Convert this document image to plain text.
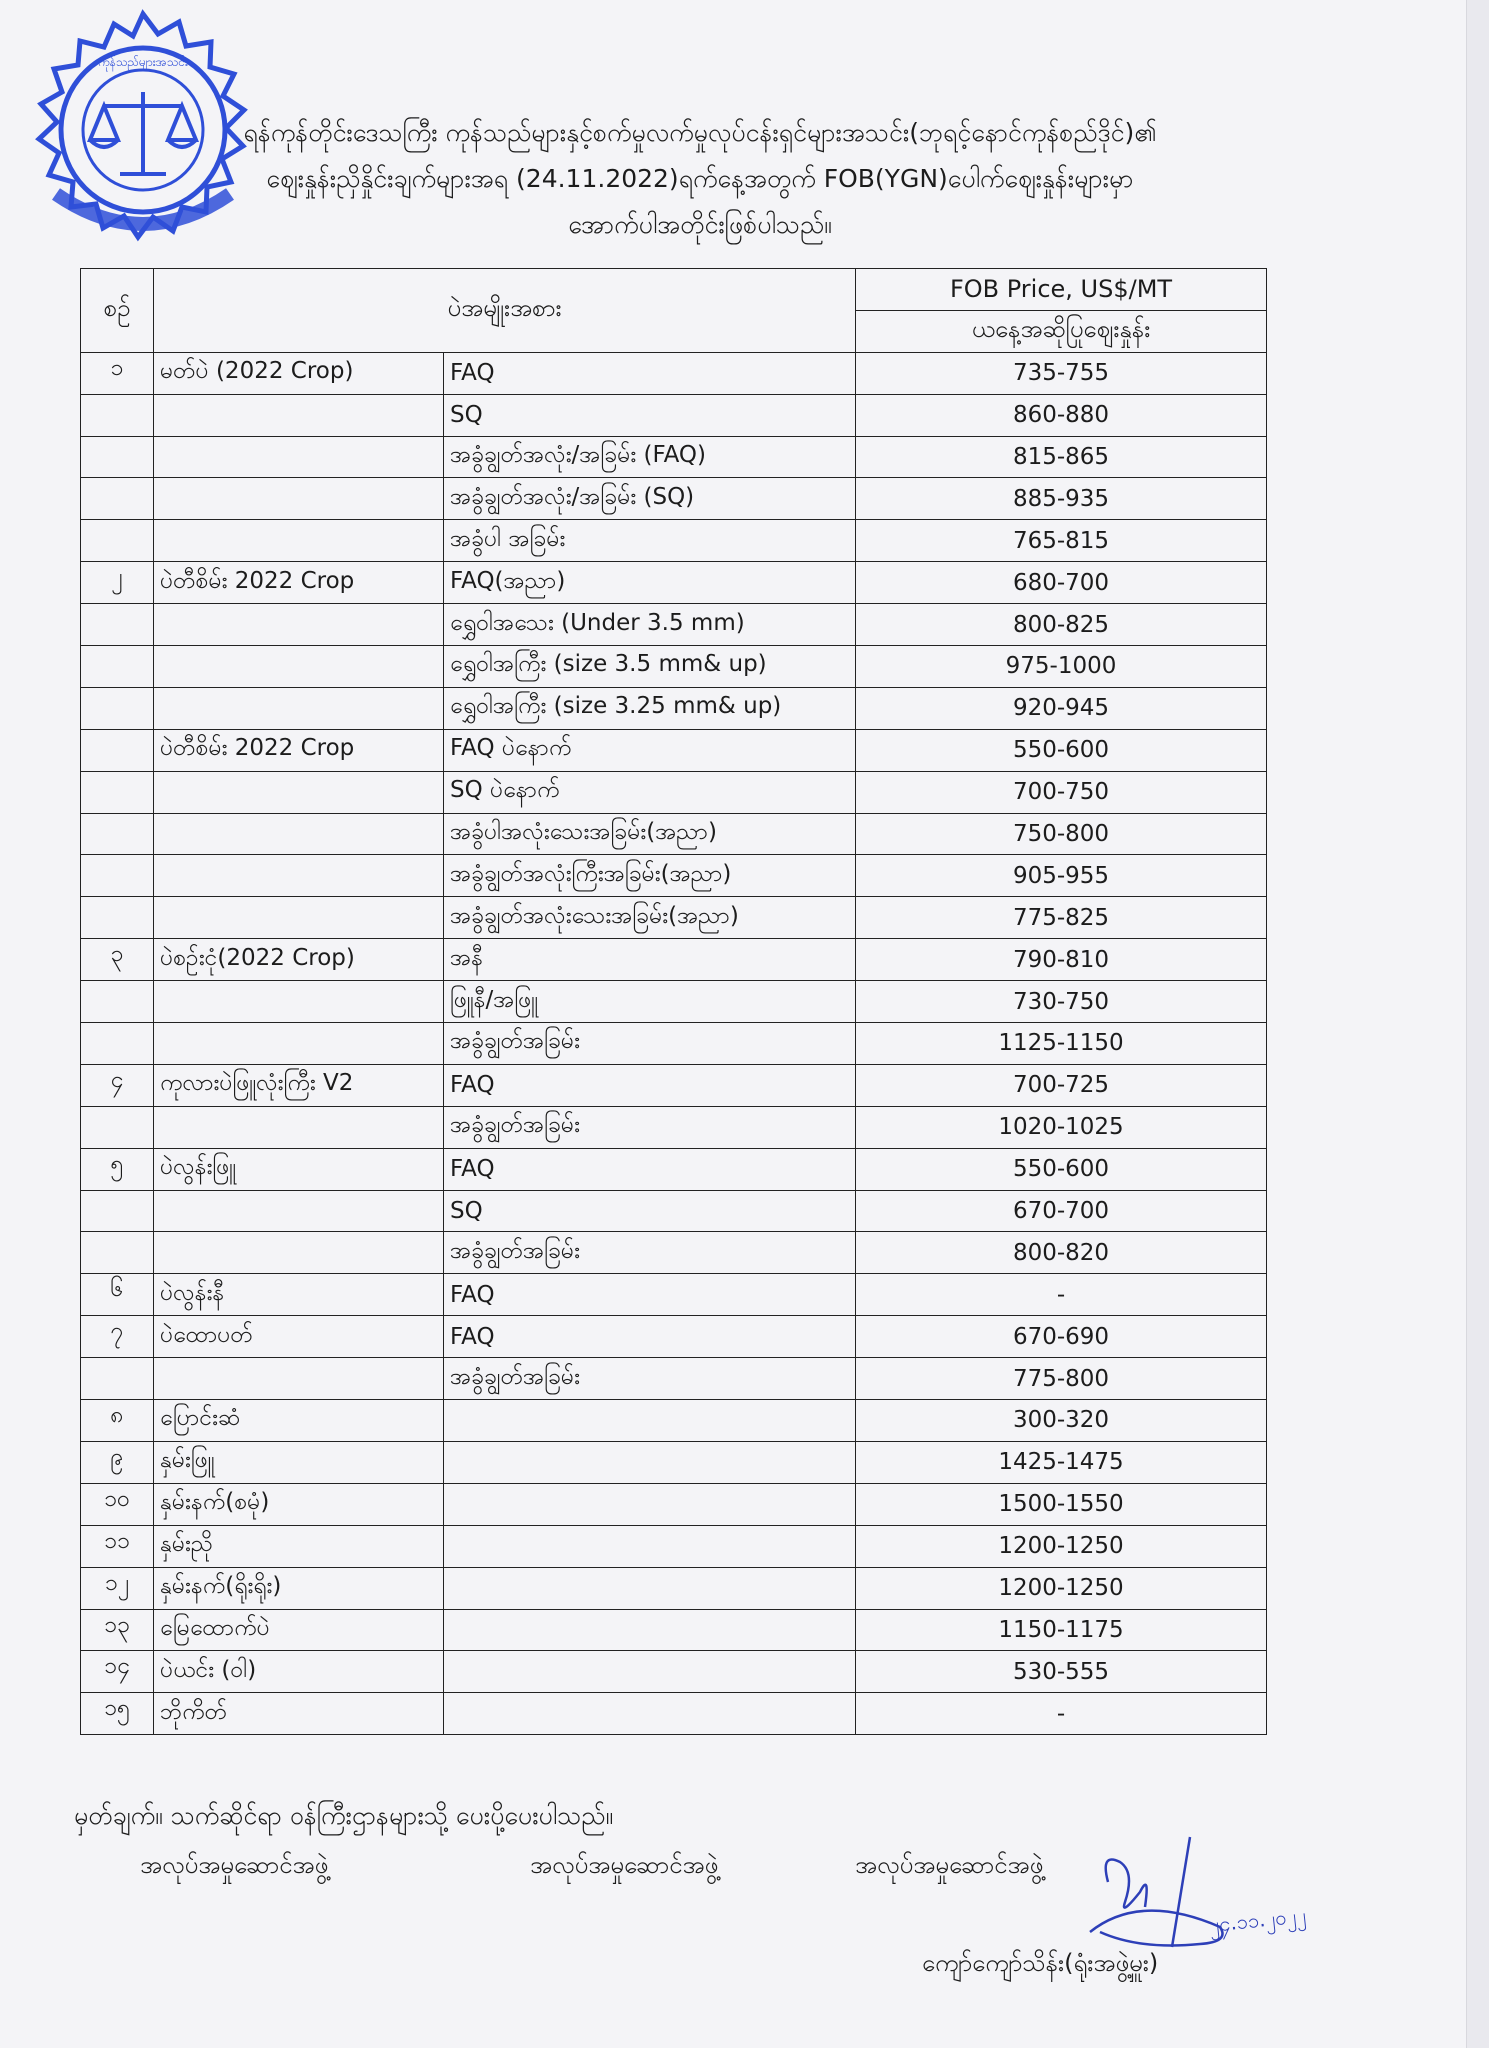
ကုန်သည်များအသင်း
ရန်ကုန်တိုင်းဒေသကြီး ကုန်သည်များနှင့်စက်မှုလက်မှုလုပ်ငန်းရှင်များအသင်း(ဘုရင့်နောင်ကုန်စည်ဒိုင်)၏
ဈေးနှုန်းညှိနှိုင်းချက်များအရ (24.11.2022)ရက်နေ့အတွက် FOB(YGN)ပေါက်ဈေးနှုန်းများမှာ
အောက်ပါအတိုင်းဖြစ်ပါသည်။
စဉ်	ပဲအမျိုးအစား		FOB Price, US$/MT
			ယနေ့အဆိုပြုဈေးနှုန်း
၁	မတ်ပဲ (2022 Crop)	FAQ	735-755
		SQ	860-880
		အခွံချွတ်အလုံး/အခြမ်း (FAQ)	815-865
		အခွံချွတ်အလုံး/အခြမ်း (SQ)	885-935
		အခွံပါ အခြမ်း	765-815
၂	ပဲတီစိမ်း 2022 Crop	FAQ(အညာ)	680-700
		ရွှေဝါအသေး (Under 3.5 mm)	800-825
		ရွှေဝါအကြီး (size 3.5 mm& up)	975-1000
		ရွှေဝါအကြီး (size 3.25 mm& up)	920-945
	ပဲတီစိမ်း 2022 Crop	FAQ ပဲနောက်	550-600
		SQ ပဲနောက်	700-750
		အခွံပါအလုံးသေးအခြမ်း(အညာ)	750-800
		အခွံချွတ်အလုံးကြီးအခြမ်း(အညာ)	905-955
		အခွံချွတ်အလုံးသေးအခြမ်း(အညာ)	775-825
၃	ပဲစဉ်းငုံ(2022 Crop)	အနီ	790-810
		ဖြူနီ/အဖြူ	730-750
		အခွံချွတ်အခြမ်း	1125-1150
၄	ကုလားပဲဖြူလုံးကြီး V2	FAQ	700-725
		အခွံချွတ်အခြမ်း	1020-1025
၅	ပဲလွန်းဖြူ	FAQ	550-600
		SQ	670-700
		အခွံချွတ်အခြမ်း	800-820
၆	ပဲလွန်းနီ	FAQ	-
၇	ပဲထောပတ်	FAQ	670-690
		အခွံချွတ်အခြမ်း	775-800
၈	ပြောင်းဆံ		300-320
၉	နှမ်းဖြူ		1425-1475
၁၀	နှမ်းနက်(စမုံ)		1500-1550
၁၁	နှမ်းညို		1200-1250
၁၂	နှမ်းနက်(ရိုးရိုး)		1200-1250
၁၃	မြေထောက်ပဲ		1150-1175
၁၄	ပဲယင်း (ဝါ)		530-555
၁၅	ဘိုကိတ်		-
မှတ်ချက်။ သက်ဆိုင်ရာ ဝန်ကြီးဌာနများသို့ ပေးပို့ပေးပါသည်။
အလုပ်အမှုဆောင်အဖွဲ့	အလုပ်အမှုဆောင်အဖွဲ့	အလုပ်အမှုဆောင်အဖွဲ့
၂၄.၁၁.၂၀၂၂
ကျော်ကျော်သိန်း(ရုံးအဖွဲ့မှူး)
